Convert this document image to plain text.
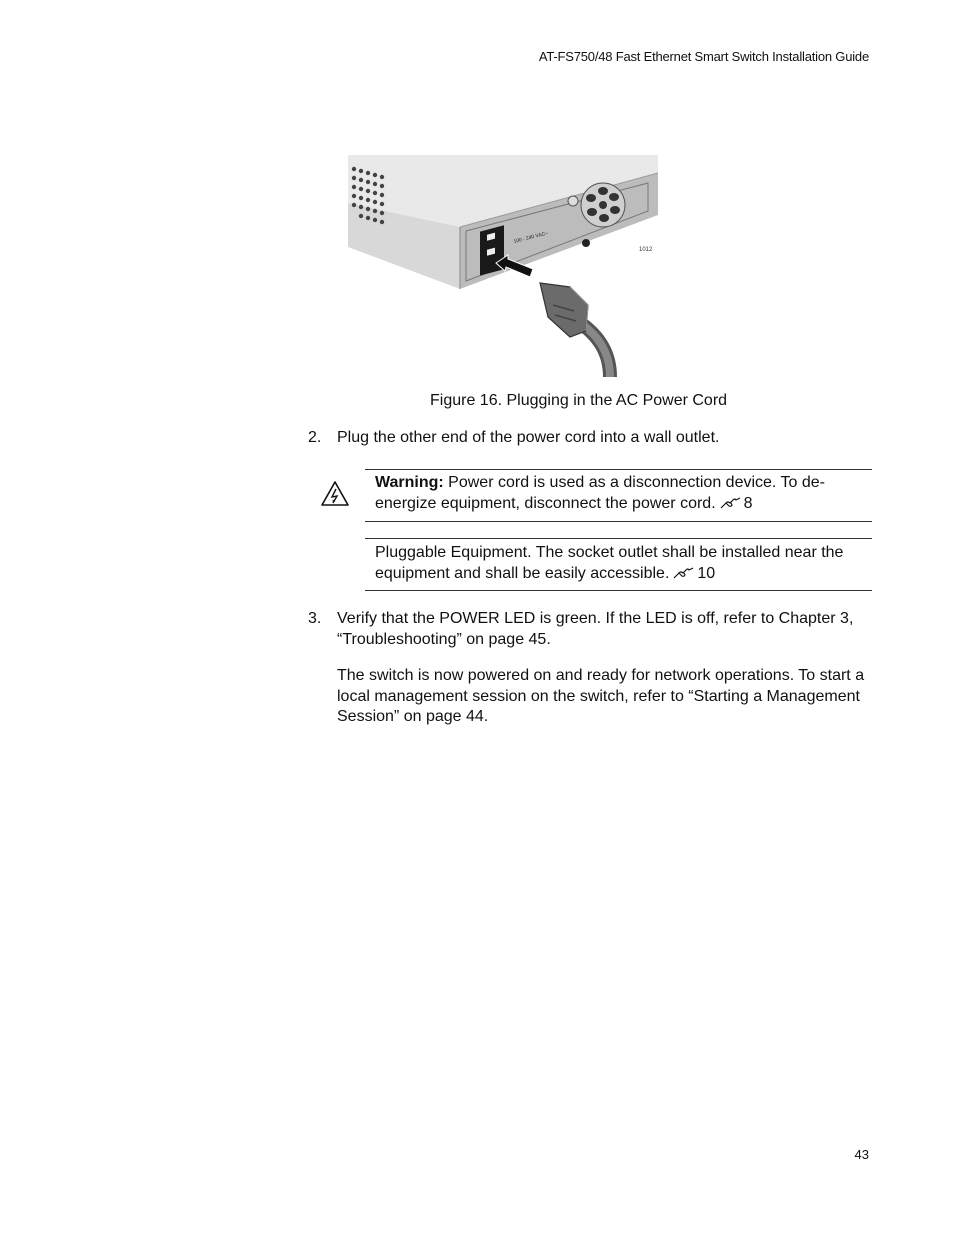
AT-FS750/48 Fast Ethernet Smart Switch Installation Guide
100 - 240 VAC~
1012
Figure 16. Plugging in the AC Power Cord
2. Plug the other end of the power cord into a wall outlet.
Warning: Power cord is used as a disconnection device. To de-energize equipment, disconnect the power cord. 8
Pluggable Equipment. The socket outlet shall be installed near the equipment and shall be easily accessible. 10
3. Verify that the POWER LED is green. If the LED is off, refer to Chapter 3, “Troubleshooting” on page 45.
The switch is now powered on and ready for network operations. To start a local management session on the switch, refer to “Starting a Management Session” on page 44.
43
